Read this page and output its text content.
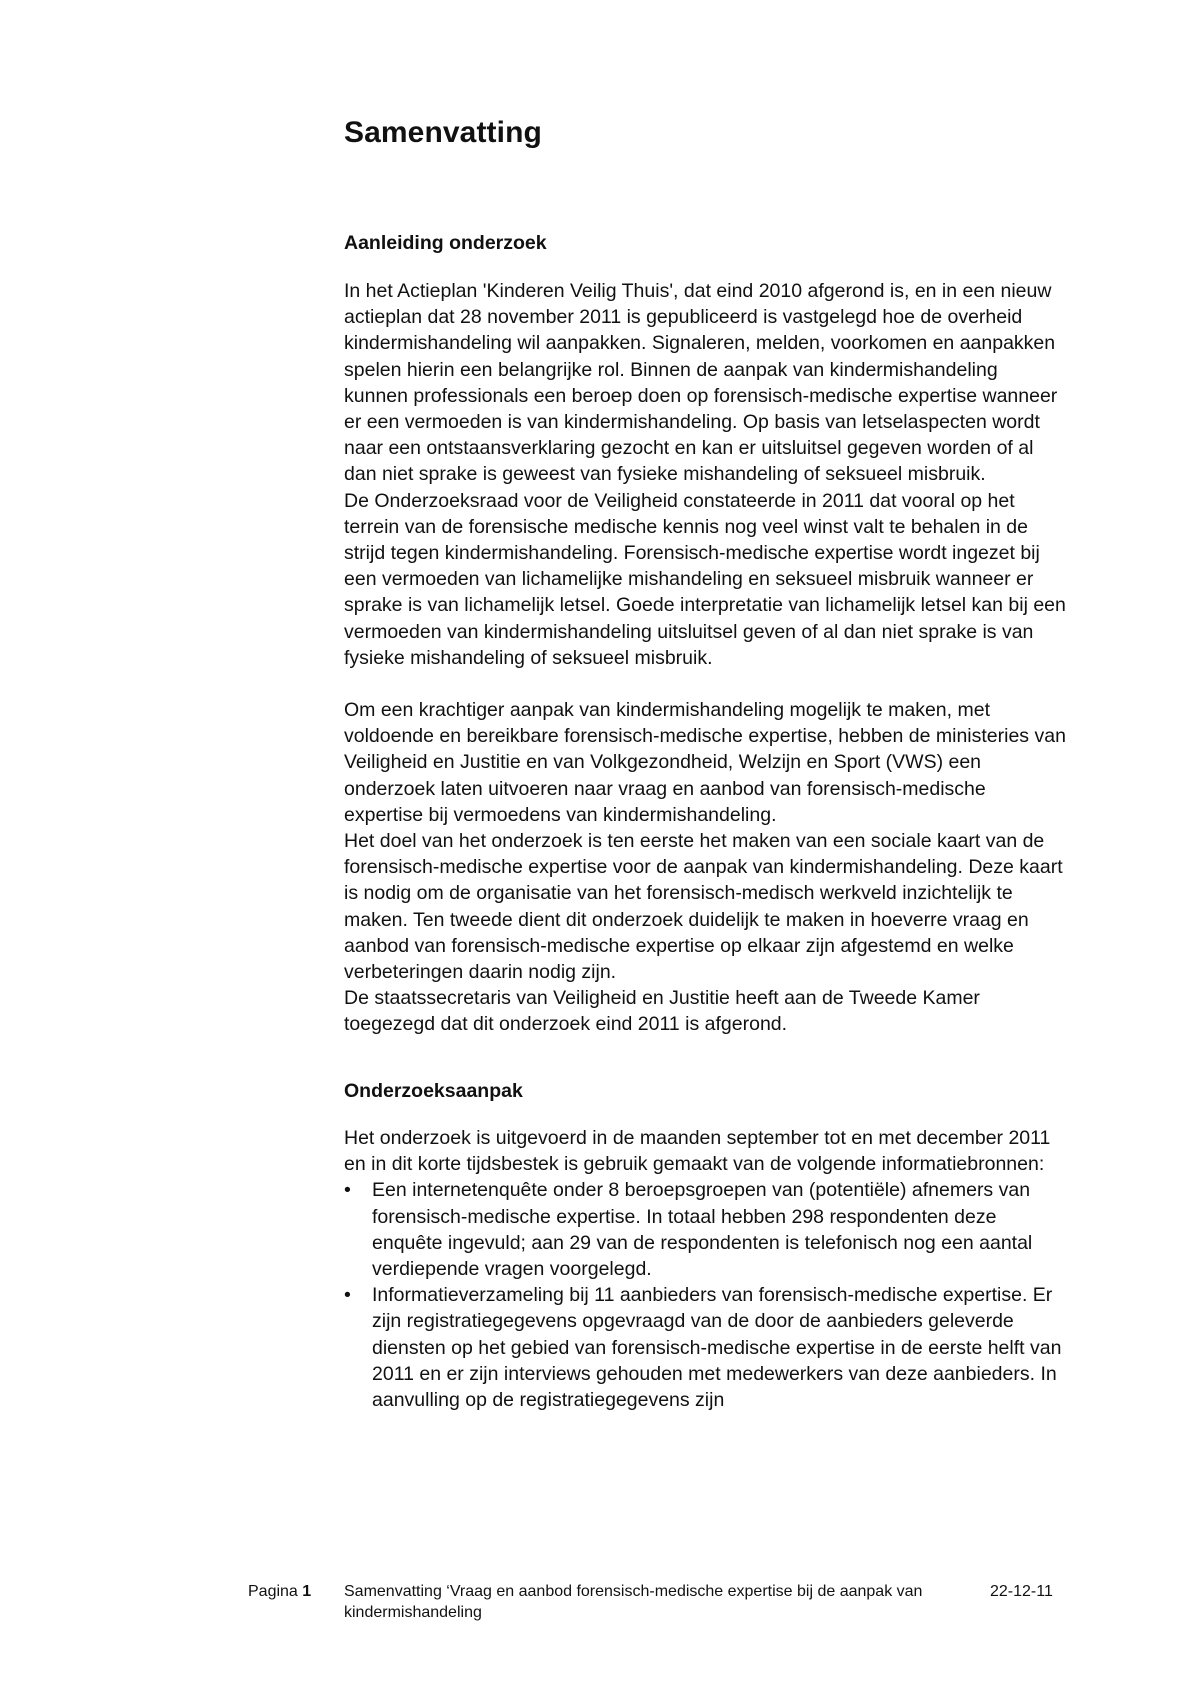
Samenvatting
Aanleiding onderzoek

In het Actieplan 'Kinderen Veilig Thuis', dat eind 2010 afgerond is, en in een nieuw actieplan dat 28 november 2011 is gepubliceerd is vastgelegd hoe de overheid kindermishandeling wil aanpakken. Signaleren, melden, voorkomen en aanpakken spelen hierin een belangrijke rol. Binnen de aanpak van kindermishandeling kunnen professionals een beroep doen op forensisch-medische expertise wanneer er een vermoeden is van kindermishandeling. Op basis van letselaspecten wordt naar een ontstaansverklaring gezocht en kan er uitsluitsel gegeven worden of al dan niet sprake is geweest van fysieke mishandeling of seksueel misbruik.

De Onderzoeksraad voor de Veiligheid constateerde in 2011 dat vooral op het terrein van de forensische medische kennis nog veel winst valt te behalen in de strijd tegen kindermishandeling. Forensisch-medische expertise wordt ingezet bij een vermoeden van lichamelijke mishandeling en seksueel misbruik wanneer er sprake is van lichamelijk letsel. Goede interpretatie van lichamelijk letsel kan bij een vermoeden van kindermishandeling uitsluitsel geven of al dan niet sprake is van fysieke mishandeling of seksueel misbruik.

Om een krachtiger aanpak van kindermishandeling mogelijk te maken, met voldoende en bereikbare forensisch-medische expertise, hebben de ministeries van Veiligheid en Justitie en van Volkgezondheid, Welzijn en Sport (VWS) een onderzoek laten uitvoeren naar vraag en aanbod van forensisch-medische expertise bij vermoedens van kindermishandeling.

Het doel van het onderzoek is ten eerste het maken van een sociale kaart van de forensisch-medische expertise voor de aanpak van kindermishandeling. Deze kaart is nodig om de organisatie van het forensisch-medisch werkveld inzichtelijk te maken. Ten tweede dient dit onderzoek duidelijk te maken in hoeverre vraag en aanbod van forensisch-medische expertise op elkaar zijn afgestemd en welke verbeteringen daarin nodig zijn.

De staatssecretaris van Veiligheid en Justitie heeft aan de Tweede Kamer toegezegd dat dit onderzoek eind 2011 is afgerond.

Onderzoeksaanpak

Het onderzoek is uitgevoerd in de maanden september tot en met december 2011 en in dit korte tijdsbestek is gebruik gemaakt van de volgende informatiebronnen:

• Een internetenquête onder 8 beroepsgroepen van (potentiële) afnemers van forensisch-medische expertise. In totaal hebben 298 respondenten deze enquête ingevuld; aan 29 van de respondenten is telefonisch nog een aantal verdiepende vragen voorgelegd.
• Informatieverzameling bij 11 aanbieders van forensisch-medische expertise. Er zijn registratiegegevens opgevraagd van de door de aanbieders geleverde diensten op het gebied van forensisch-medische expertise in de eerste helft van 2011 en er zijn interviews gehouden met medewerkers van deze aanbieders. In aanvulling op de registratiegegevens zijn
Pagina 1 Samenvatting ‘Vraag en aanbod forensisch-medische expertise bij de aanpak van kindermishandeling
22-12-11
